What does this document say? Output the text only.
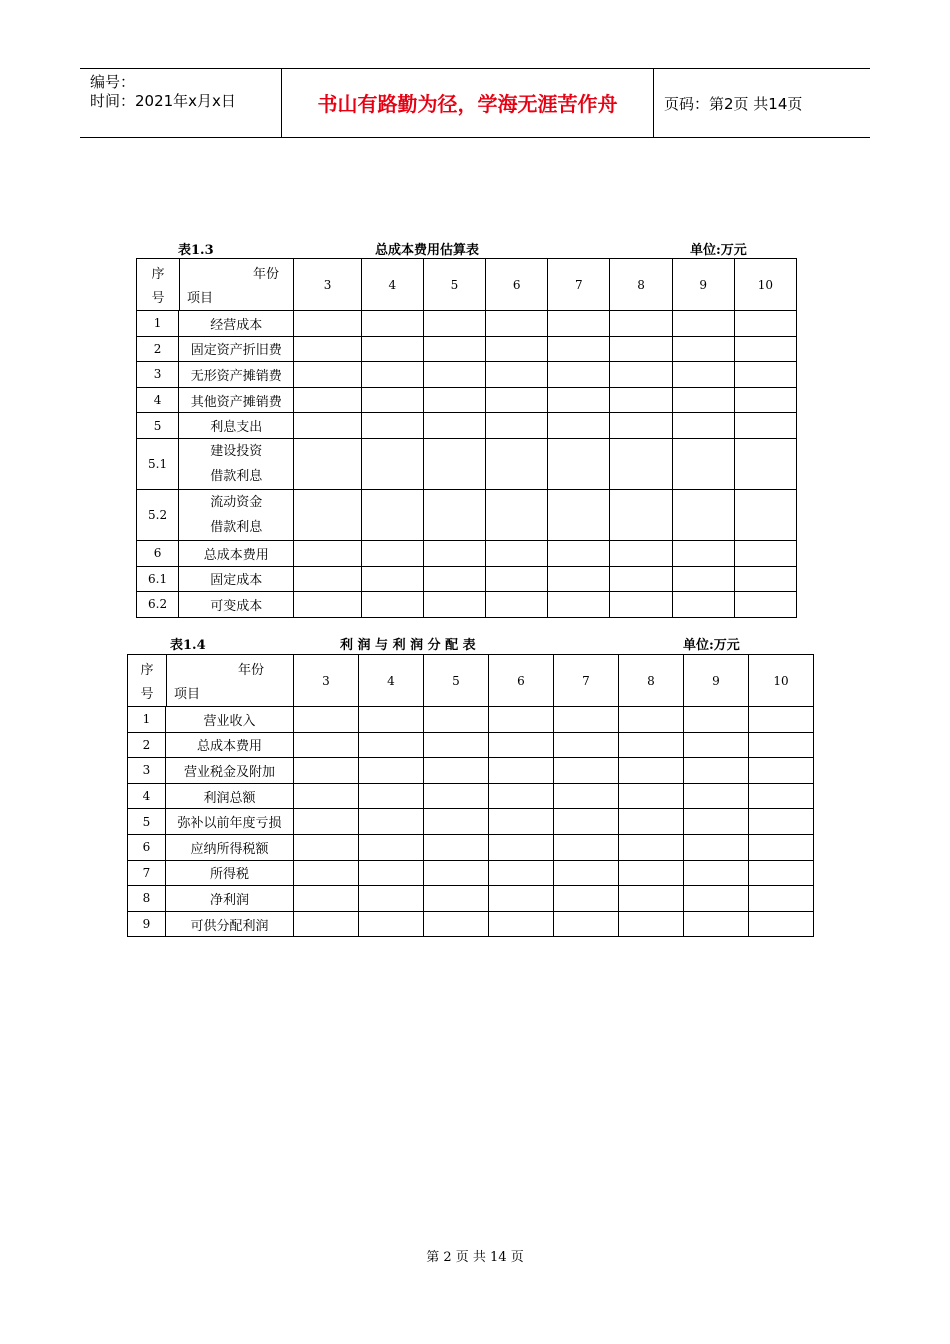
编号：
时间：2021年x月x日	书山有路勤为径，学海无涯苦作舟	页码：第2页 共14页
表1.3	总成本费用估算表	单位:万元
序
号
年份
项目		3	4	5	6	7	8	9	10
1	经营成本								
2	固定资产折旧费								
3	无形资产摊销费								
4	其他资产摊销费								
5	利息支出								
5.1	建设投资
借款利息								

5.2	流动资金
借款利息								

6	总成本费用								
6.1	固定成本								
6.2	可变成本								
表1.4	利 润 与 利 润 分 配 表	单位:万元
序
号
年份
项目		3	4	5	6	7	8	9	10
1	营业收入								
2	总成本费用								
3	营业税金及附加								
4	利润总额								
5	弥补以前年度亏损								
6	应纳所得税额								
7	所得税								
8	净利润								
9	可供分配利润								
第 2 页 共 14 页
